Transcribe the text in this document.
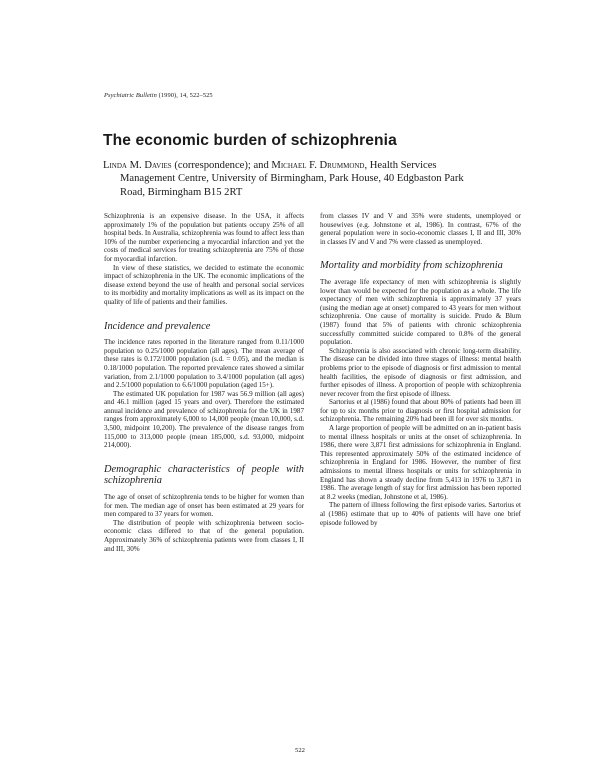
Psychiatric Bulletin (1990), 14, 522–525
The economic burden of schizophrenia
Linda M. Davies (correspondence); and Michael F. Drummond, Health Services
Management Centre, University of Birmingham, Park House, 40 Edgbaston Park
Road, Birmingham B15 2RT

Schizophrenia is an expensive disease. In the USA, it affects approximately 1% of the population but patients occupy 25% of all hospital beds. In Australia, schizophrenia was found to affect less than 10% of the number experiencing a myocardial infarction and yet the costs of medical services for treating schizophrenia are 75% of those for myocardial infarction.

In view of these statistics, we decided to estimate the economic impact of schizophrenia in the UK. The economic implications of the disease extend beyond the use of health and personal social services to its morbidity and mortality implications as well as its impact on the quality of life of patients and their families.

Incidence and prevalence

The incidence rates reported in the literature ranged from 0.11/1000 population to 0.25/1000 population (all ages). The mean average of these rates is 0.172/1000 population (s.d. = 0.05), and the median is 0.18/1000 population. The reported prevalence rates showed a similar variation, from 2.1/1000 population to 3.4/1000 population (all ages) and 2.5/1000 population to 6.6/1000 population (aged 15+).

The estimated UK population for 1987 was 56.9 million (all ages) and 46.1 million (aged 15 years and over). Therefore the estimated annual incidence and prevalence of schizophrenia for the UK in 1987 ranges from approximately 6,000 to 14,000 people (mean 10,000, s.d. 3,500, midpoint 10,200). The prevalence of the disease ranges from 115,000 to 313,000 people (mean 185,000, s.d. 93,000, midpoint 214,000).

Demographic characteristics of people with schizophrenia

The age of onset of schizophrenia tends to be higher for women than for men. The median age of onset has been estimated at 29 years for men compared to 37 years for women.

The distribution of people with schizophrenia between socio-economic class differed to that of the general population. Approximately 36% of schizophrenia patients were from classes I, II and III, 30%

from classes IV and V and 35% were students, unemployed or housewives (e.g. Johnstone et al, 1986). In contrast, 67% of the general population were in socio-economic classes I, II and III, 30% in classes IV and V and 7% were classed as unemployed.

Mortality and morbidity from schizophrenia

The average life expectancy of men with schizophrenia is slightly lower than would be expected for the population as a whole. The life expectancy of men with schizophrenia is approximately 37 years (using the median age at onset) compared to 43 years for men without schizophrenia. One cause of mortality is suicide. Prudo & Blum (1987) found that 5% of patients with chronic schizophrenia successfully committed suicide compared to 0.8% of the general population.

Schizophrenia is also associated with chronic long-term disability. The disease can be divided into three stages of illness: mental health problems prior to the episode of diagnosis or first admission to mental health facilities, the episode of diagnosis or first admission, and further episodes of illness. A proportion of people with schizophrenia never recover from the first episode of illness.

Sartorius et al (1986) found that about 80% of patients had been ill for up to six months prior to diagnosis or first hospital admission for schizophrenia. The remaining 20% had been ill for over six months.

A large proportion of people will be admitted on an in-patient basis to mental illness hospitals or units at the onset of schizophrenia. In 1986, there were 3,871 first admissions for schizophrenia in England. This represented approximately 50% of the estimated incidence of schizophrenia in England for 1986. However, the number of first admissions to mental illness hospitals or units for schizophrenia in England has shown a steady decline from 5,413 in 1976 to 3,871 in 1986. The average length of stay for first admission has been reported at 8.2 weeks (median, Johnstone et al, 1986).

The pattern of illness following the first episode varies. Sartorius et al (1986) estimate that up to 40% of patients will have one brief episode followed by

522
